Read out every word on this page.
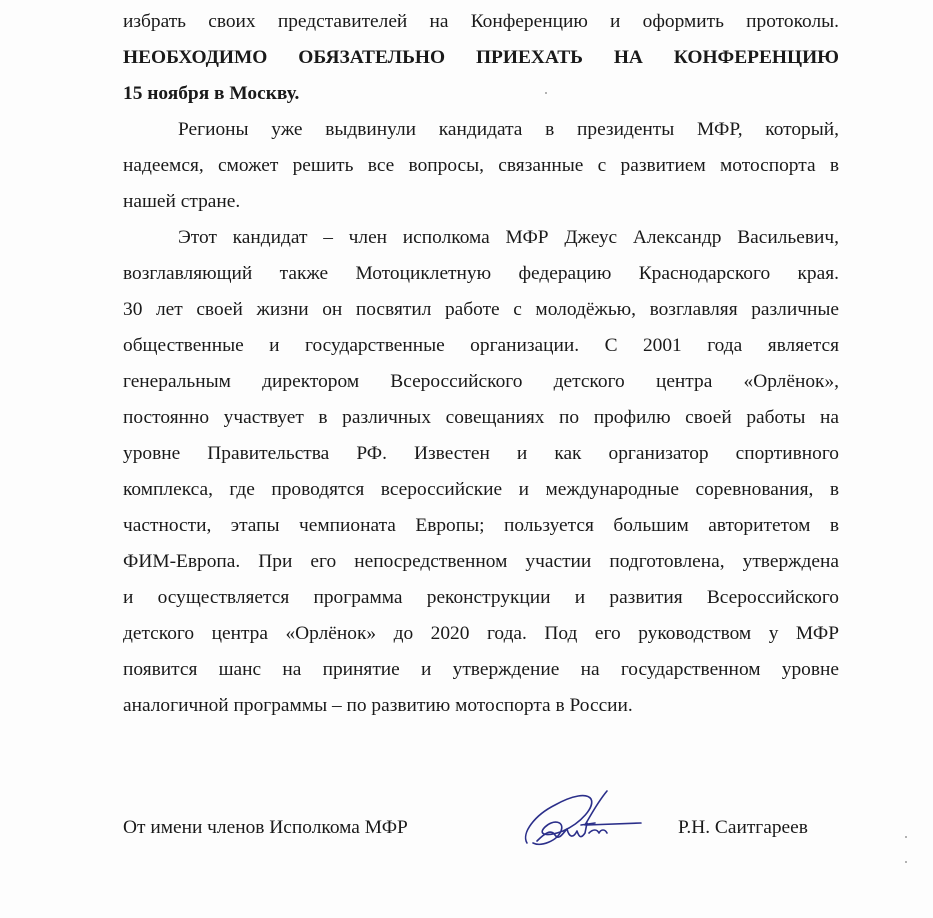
избрать своих представителей на Конференцию и оформить протоколы.
НЕОБХОДИМО ОБЯЗАТЕЛЬНО ПРИЕХАТЬ НА КОНФЕРЕНЦИЮ
15 ноября в Москву.
Регионы уже выдвинули кандидата в президенты МФР, который,
надеемся, сможет решить все вопросы, связанные с развитием мотоспорта в
нашей стране.
Этот кандидат – член исполкома МФР Джеус Александр Васильевич,
возглавляющий также Мотоциклетную федерацию Краснодарского края.
30 лет своей жизни он посвятил работе с молодёжью, возглавляя различные
общественные и государственные организации. С 2001 года является
генеральным директором Всероссийского детского центра «Орлёнок»,
постоянно участвует в различных совещаниях по профилю своей работы на
уровне Правительства РФ. Известен и как организатор спортивного
комплекса, где проводятся всероссийские и международные соревнования, в
частности, этапы чемпионата Европы; пользуется большим авторитетом в
ФИМ-Европа. При его непосредственном участии подготовлена, утверждена
и осуществляется программа реконструкции и развития Всероссийского
детского центра «Орлёнок» до 2020 года. Под его руководством у МФР
появится шанс на принятие и утверждение на государственном уровне
аналогичной программы – по развитию мотоспорта в России.
От имени членов Исполкома МФР	Р.Н. Саитгареев
